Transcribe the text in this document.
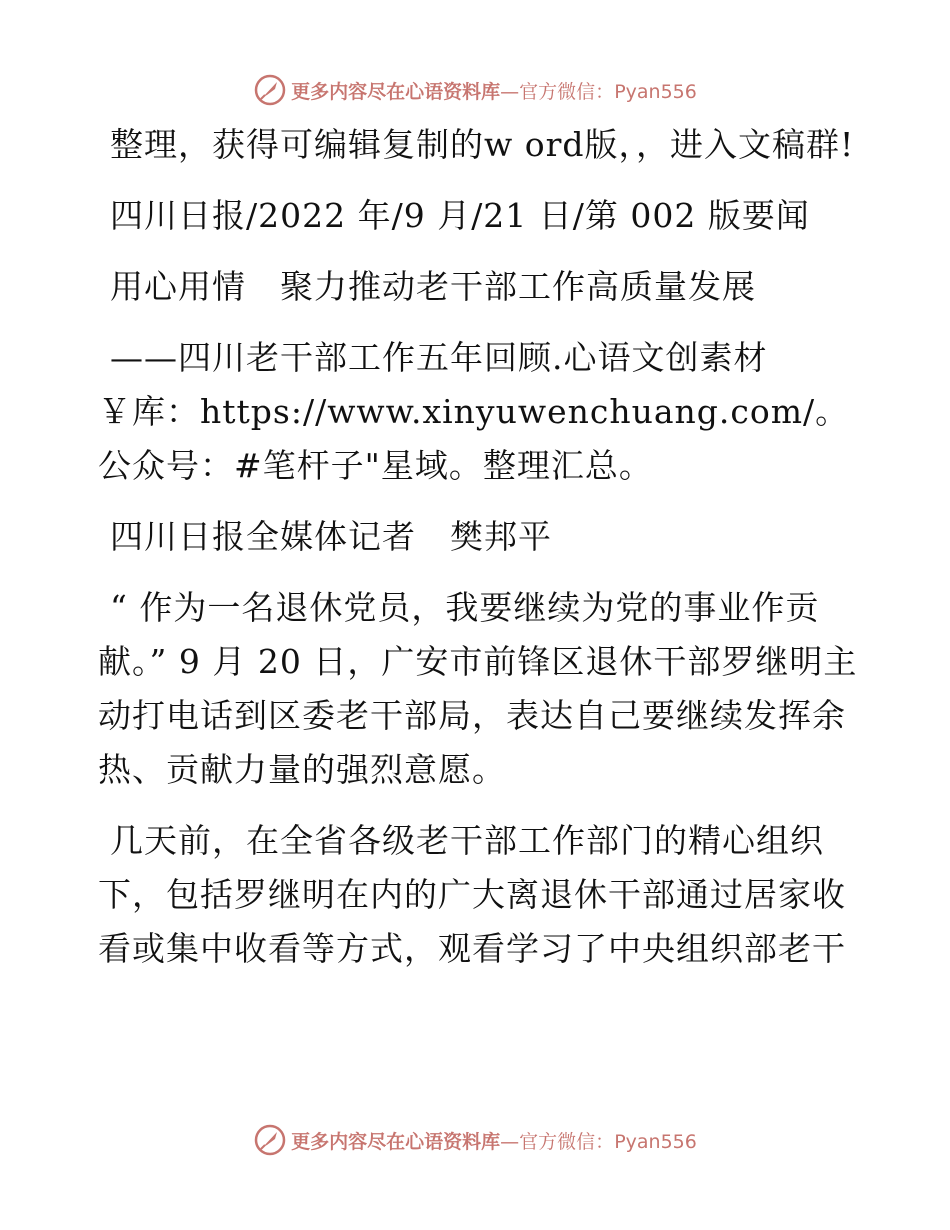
更多内容尽在心语资料库—官方微信：Pyan556

整理，获得可编辑复制的w ord版，，进入文稿群!

四川日报/2022 年/9 月/21 日/第 002 版要闻

用心用情　聚力推动老干部工作高质量发展

——四川老干部工作五年回顾.心语文创素材￥库：https://www.xinyuwenchuang.com/。公众号：#笔杆子"星域。整理汇总。

四川日报全媒体记者　樊邦平

“ 作为一名退休党员，我要继续为党的事业作贡献。” 9 月 20 日，广安市前锋区退休干部罗继明主动打电话到区委老干部局，表达自己要继续发挥余热、贡献力量的强烈意愿。

几天前，在全省各级老干部工作部门的精心组织下，包括罗继明在内的广大离退休干部通过居家收看或集中收看等方式，观看学习了中央组织部老干

更多内容尽在心语资料库—官方微信：Pyan556
